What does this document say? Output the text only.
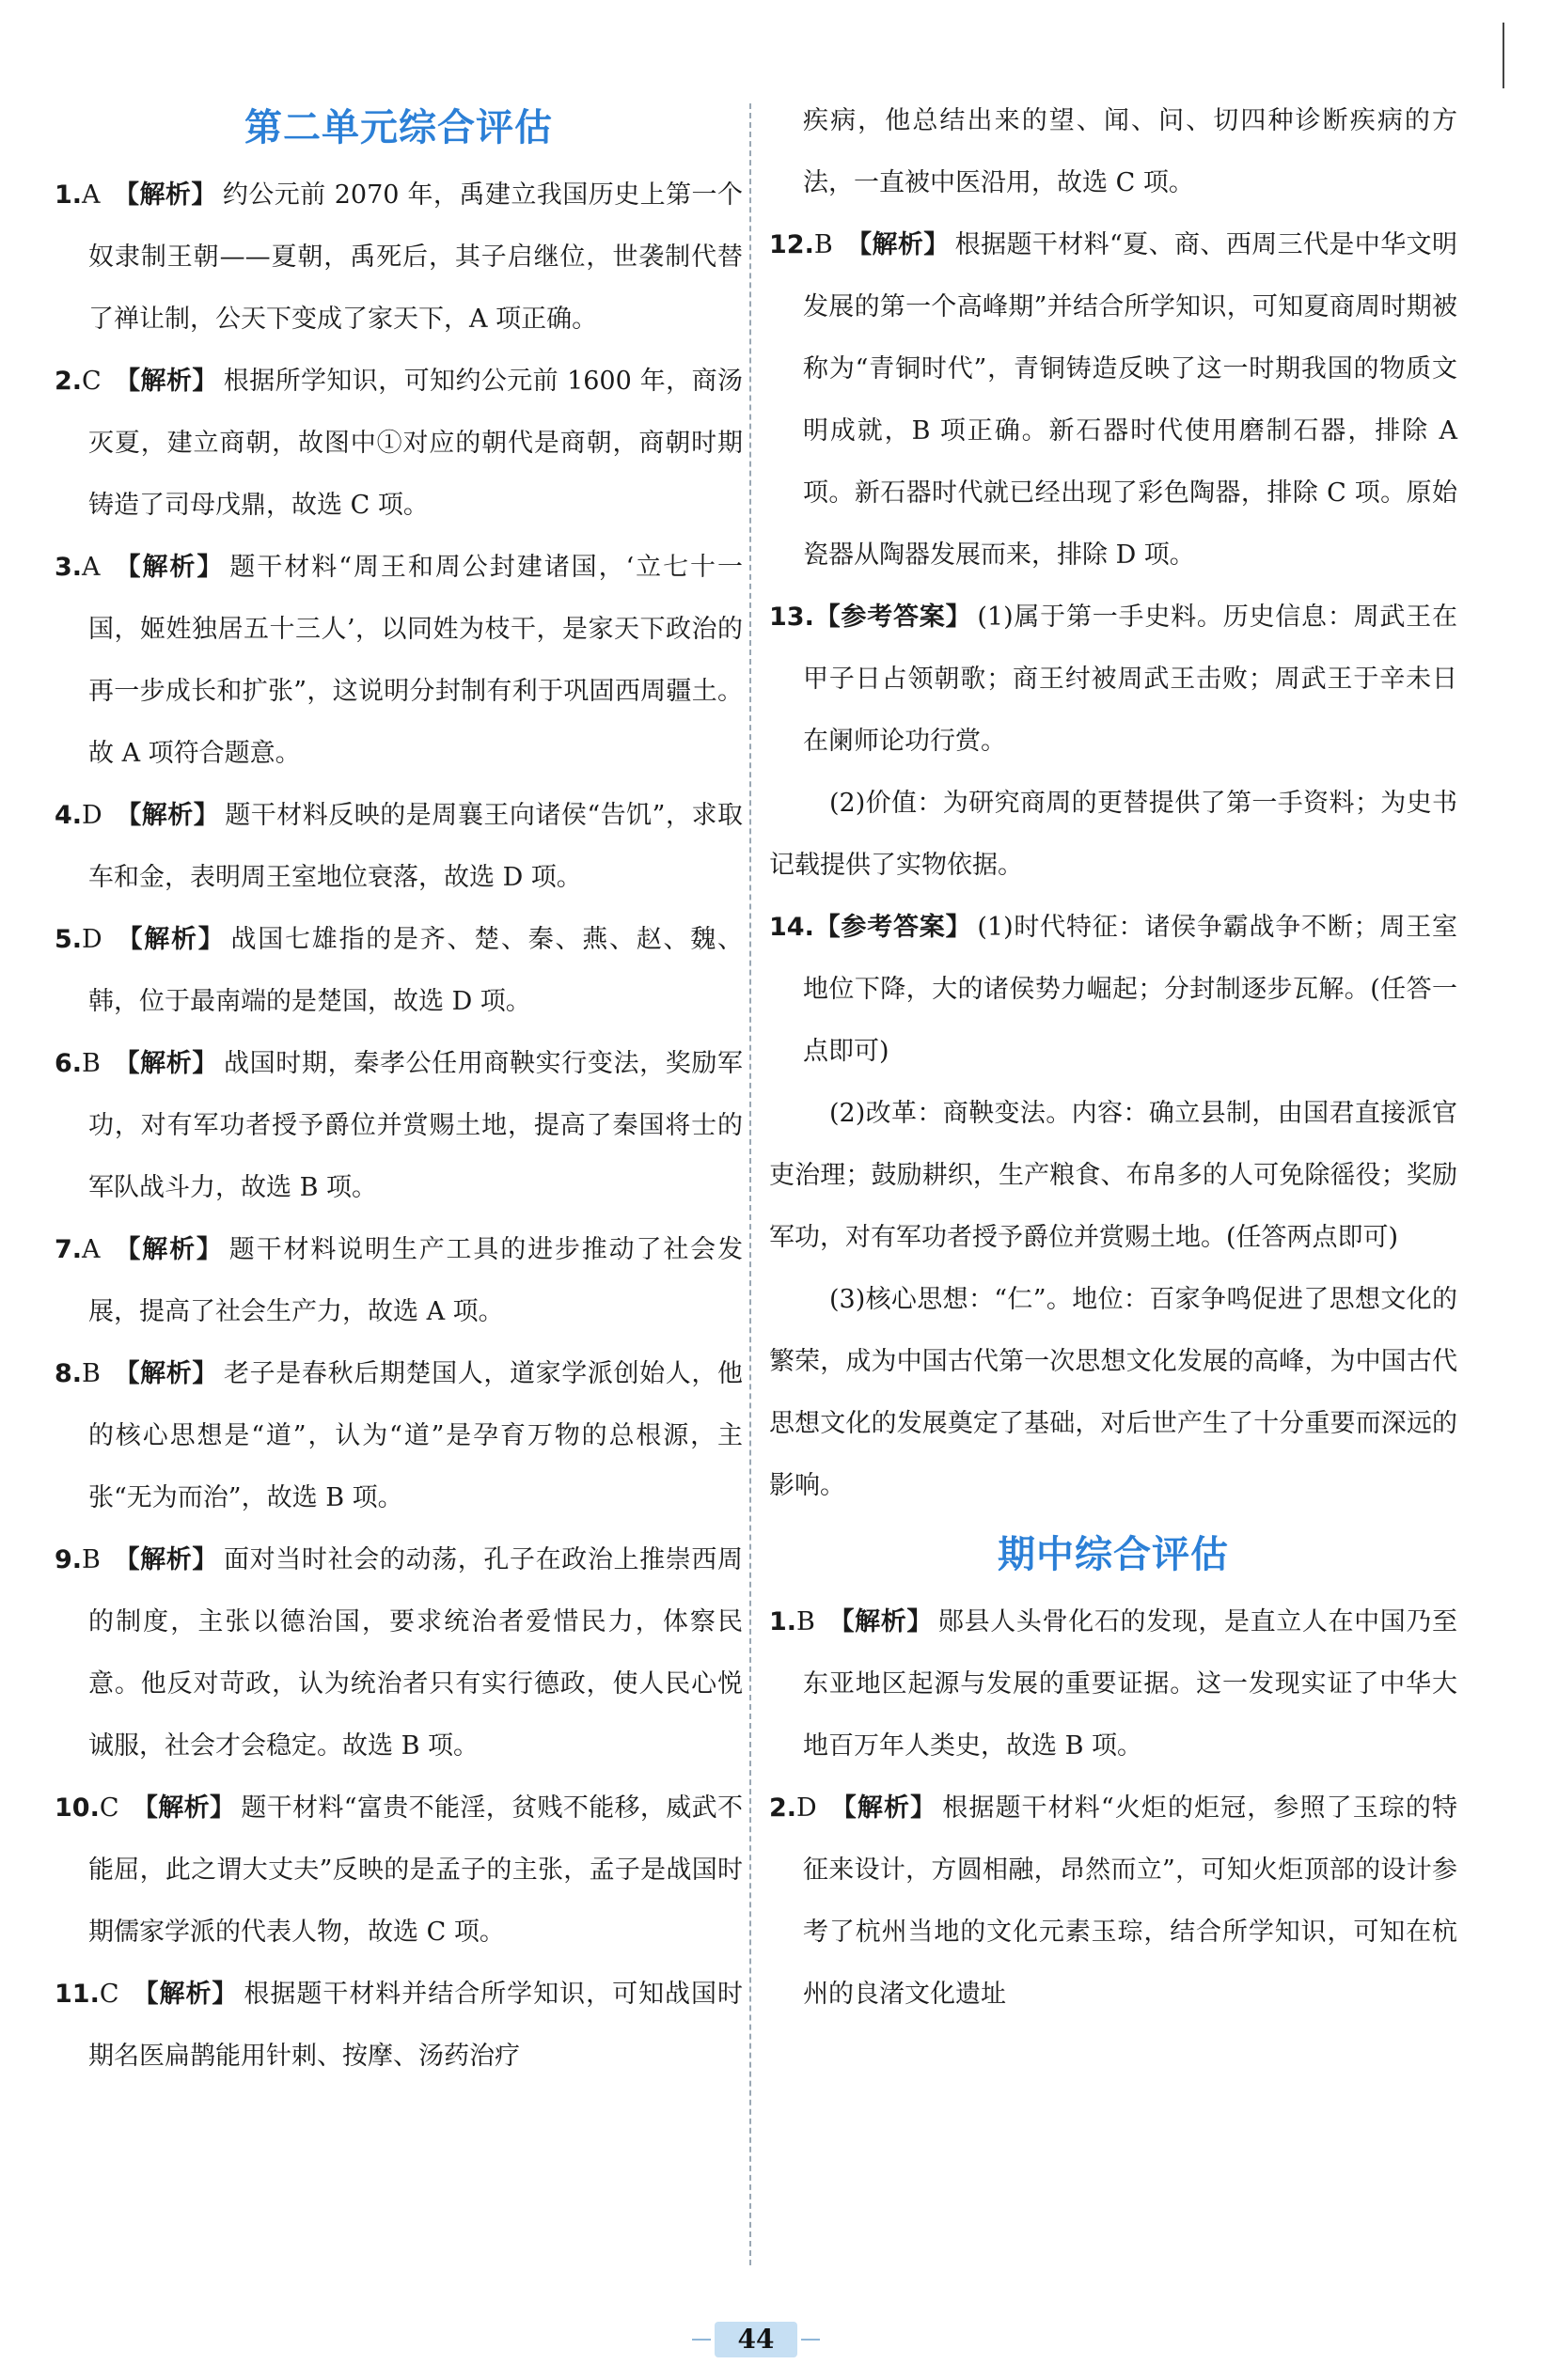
第二单元综合评估

1.A 【解析】 约公元前 2070 年，禹建立我国历史上第一个奴隶制王朝——夏朝，禹死后，其子启继位，世袭制代替了禅让制，公天下变成了家天下，A 项正确。

2.C 【解析】 根据所学知识，可知约公元前 1600 年，商汤灭夏，建立商朝，故图中①对应的朝代是商朝，商朝时期铸造了司母戊鼎，故选 C 项。

3.A 【解析】 题干材料“周王和周公封建诸国，‘立七十一国，姬姓独居五十三人’，以同姓为枝干，是家天下政治的再一步成长和扩张”，这说明分封制有利于巩固西周疆土。故 A 项符合题意。

4.D 【解析】 题干材料反映的是周襄王向诸侯“告饥”，求取车和金，表明周王室地位衰落，故选 D 项。

5.D 【解析】 战国七雄指的是齐、楚、秦、燕、赵、魏、韩，位于最南端的是楚国，故选 D 项。

6.B 【解析】 战国时期，秦孝公任用商鞅实行变法，奖励军功，对有军功者授予爵位并赏赐土地，提高了秦国将士的军队战斗力，故选 B 项。

7.A 【解析】 题干材料说明生产工具的进步推动了社会发展，提高了社会生产力，故选 A 项。

8.B 【解析】 老子是春秋后期楚国人，道家学派创始人，他的核心思想是“道”，认为“道”是孕育万物的总根源，主张“无为而治”，故选 B 项。

9.B 【解析】 面对当时社会的动荡，孔子在政治上推崇西周的制度，主张以德治国，要求统治者爱惜民力，体察民意。他反对苛政，认为统治者只有实行德政，使人民心悦诚服，社会才会稳定。故选 B 项。

10.C 【解析】 题干材料“富贵不能淫，贫贱不能移，威武不能屈，此之谓大丈夫”反映的是孟子的主张，孟子是战国时期儒家学派的代表人物，故选 C 项。

11.C 【解析】 根据题干材料并结合所学知识，可知战国时期名医扁鹊能用针刺、按摩、汤药治疗

疾病，他总结出来的望、闻、问、切四种诊断疾病的方法，一直被中医沿用，故选 C 项。

12.B 【解析】 根据题干材料“夏、商、西周三代是中华文明发展的第一个高峰期”并结合所学知识，可知夏商周时期被称为“青铜时代”，青铜铸造反映了这一时期我国的物质文明成就，B 项正确。新石器时代使用磨制石器，排除 A 项。新石器时代就已经出现了彩色陶器，排除 C 项。原始瓷器从陶器发展而来，排除 D 项。

13.【参考答案】 (1)属于第一手史料。历史信息：周武王在甲子日占领朝歌；商王纣被周武王击败；周武王于辛未日在阑师论功行赏。

(2)价值：为研究商周的更替提供了第一手资料；为史书记载提供了实物依据。

14.【参考答案】 (1)时代特征：诸侯争霸战争不断；周王室地位下降，大的诸侯势力崛起；分封制逐步瓦解。(任答一点即可)

(2)改革：商鞅变法。内容：确立县制，由国君直接派官吏治理；鼓励耕织，生产粮食、布帛多的人可免除徭役；奖励军功，对有军功者授予爵位并赏赐土地。(任答两点即可)

(3)核心思想：“仁”。地位：百家争鸣促进了思想文化的繁荣，成为中国古代第一次思想文化发展的高峰，为中国古代思想文化的发展奠定了基础，对后世产生了十分重要而深远的影响。

期中综合评估

1.B 【解析】 郧县人头骨化石的发现，是直立人在中国乃至东亚地区起源与发展的重要证据。这一发现实证了中华大地百万年人类史，故选 B 项。

2.D 【解析】 根据题干材料“火炬的炬冠，参照了玉琮的特征来设计，方圆相融，昂然而立”，可知火炬顶部的设计参考了杭州当地的文化元素玉琮，结合所学知识，可知在杭州的良渚文化遗址

44
